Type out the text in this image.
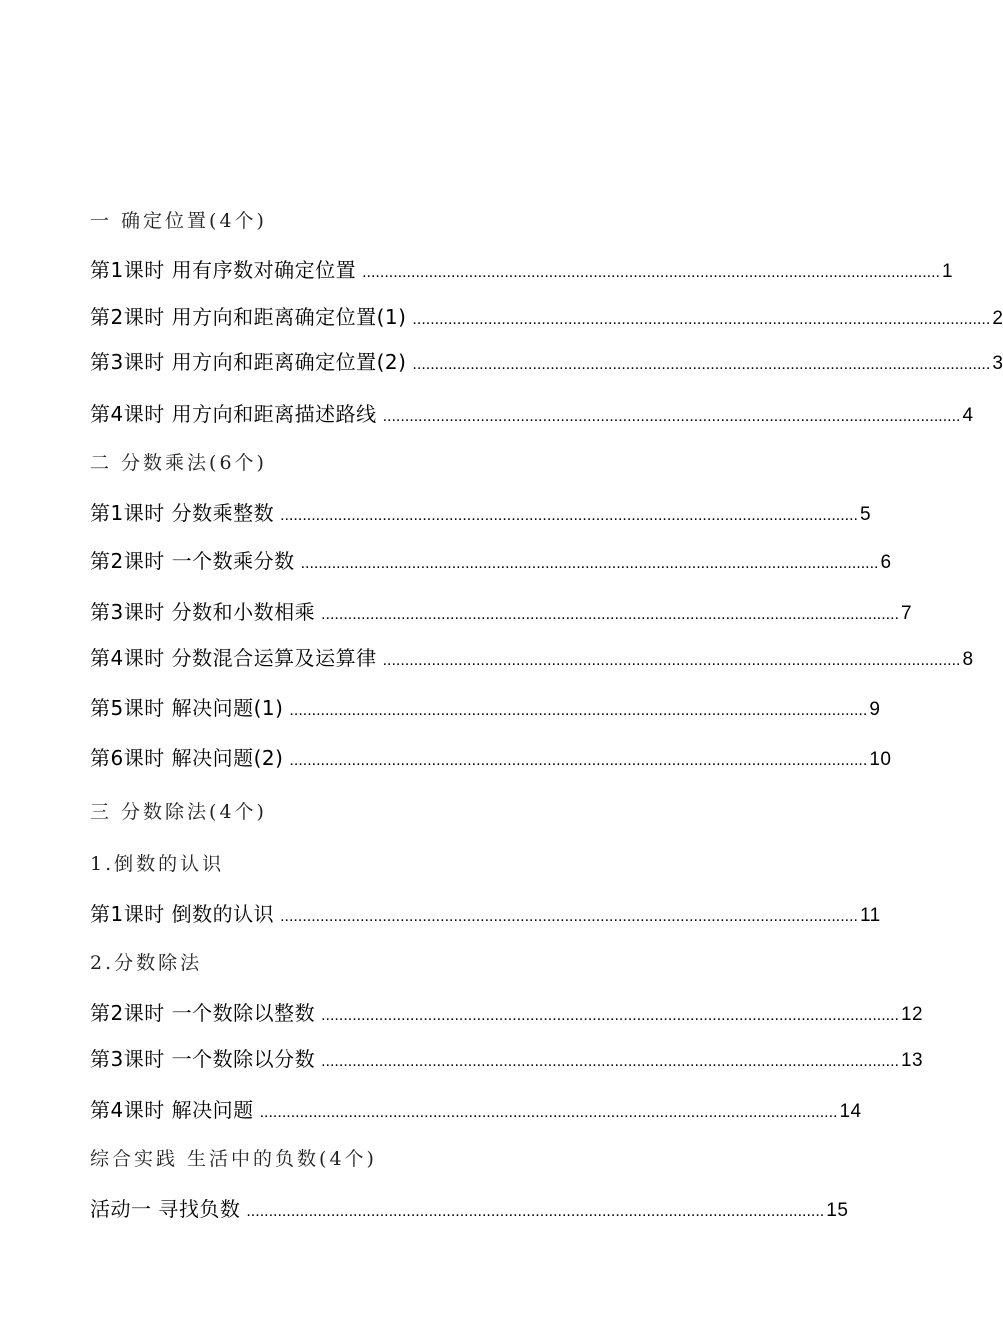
一 确定位置(4个)
第1课时 用有序数对确定位置 .................................................................................................................................. 1
第2课时 用方向和距离确定位置(1) .................................................................................................................................. 2
第3课时 用方向和距离确定位置(2) .................................................................................................................................. 3
第4课时 用方向和距离描述路线 .................................................................................................................................. 4
二 分数乘法(6个)
第1课时 分数乘整数 .................................................................................................................................. 5
第2课时 一个数乘分数 .................................................................................................................................. 6
第3课时 分数和小数相乘 .................................................................................................................................. 7
第4课时 分数混合运算及运算律 .................................................................................................................................. 8
第5课时 解决问题(1) .................................................................................................................................. 9
第6课时 解决问题(2) .................................................................................................................................. 10
三 分数除法(4个)
1.倒数的认识
第1课时 倒数的认识 .................................................................................................................................. 11
2.分数除法
第2课时 一个数除以整数 .................................................................................................................................. 12
第3课时 一个数除以分数 .................................................................................................................................. 13
第4课时 解决问题 .................................................................................................................................. 14
综合实践 生活中的负数(4个)
活动一 寻找负数 .................................................................................................................................. 15
